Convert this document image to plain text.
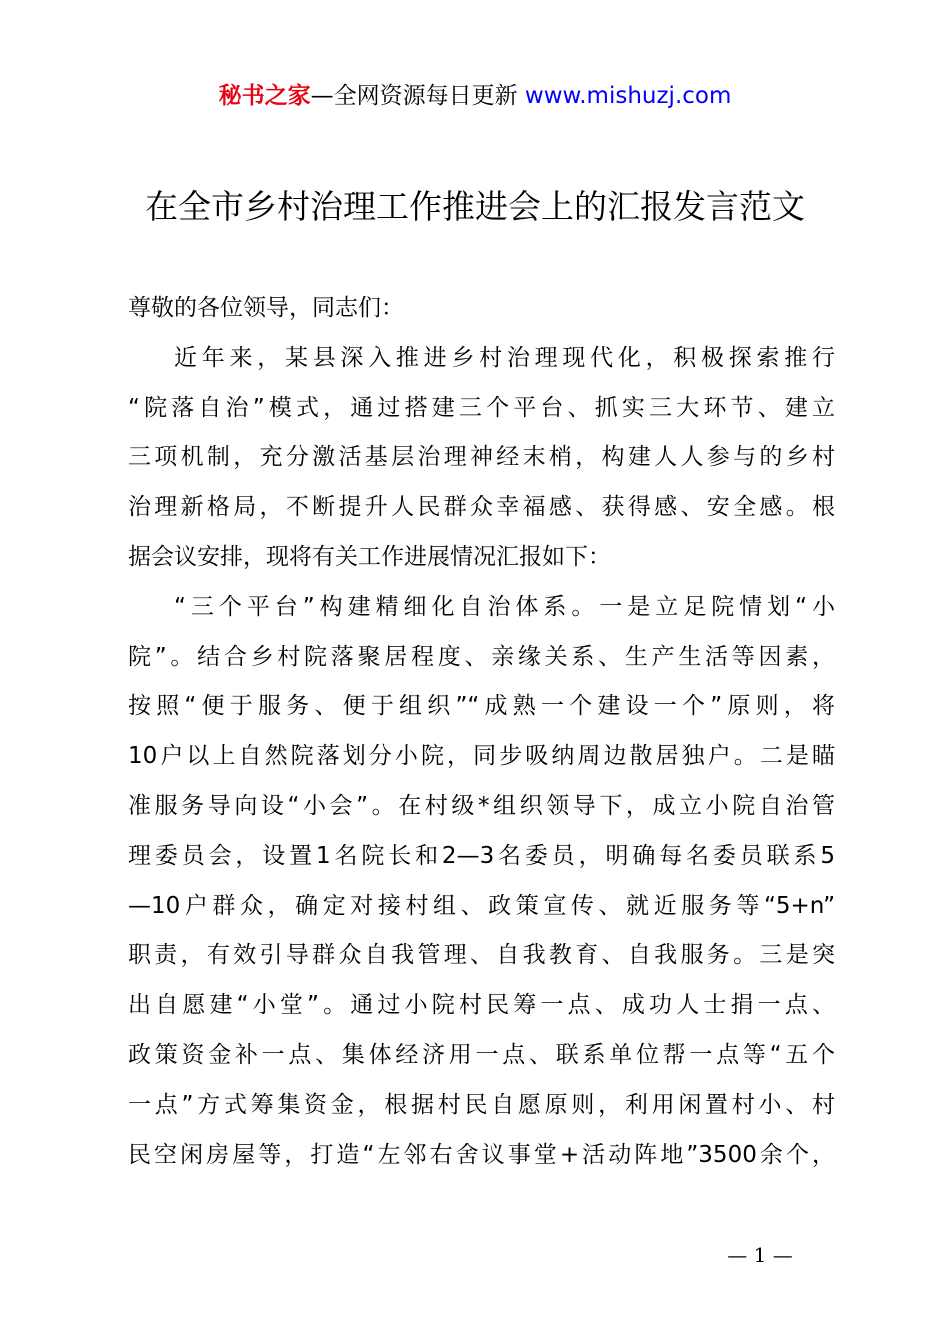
秘书之家—全网资源每日更新 www.mishuzj.com
在全市乡村治理工作推进会上的汇报发言范文
尊敬的各位领导，同志们：
近年来，某县深入推进乡村治理现代化，积极探索推行
“院落自治”模式，通过搭建三个平台、抓实三大环节、建立
三项机制，充分激活基层治理神经末梢，构建人人参与的乡村
治理新格局，不断提升人民群众幸福感、获得感、安全感。根
据会议安排，现将有关工作进展情况汇报如下：
“三个平台”构建精细化自治体系。一是立足院情划“小
院”。结合乡村院落聚居程度、亲缘关系、生产生活等因素，
按照“便于服务、便于组织”“成熟一个建设一个”原则，将
10户以上自然院落划分小院，同步吸纳周边散居独户。二是瞄
准服务导向设“小会”。在村级*组织领导下，成立小院自治管
理委员会，设置1名院长和2—3名委员，明确每名委员联系5
—10户群众，确定对接村组、政策宣传、就近服务等“5+n”
职责，有效引导群众自我管理、自我教育、自我服务。三是突
出自愿建“小堂”。通过小院村民筹一点、成功人士捐一点、
政策资金补一点、集体经济用一点、联系单位帮一点等“五个
一点”方式筹集资金，根据村民自愿原则，利用闲置村小、村
民空闲房屋等，打造“左邻右舍议事堂+活动阵地”3500余个，
— 1 —
